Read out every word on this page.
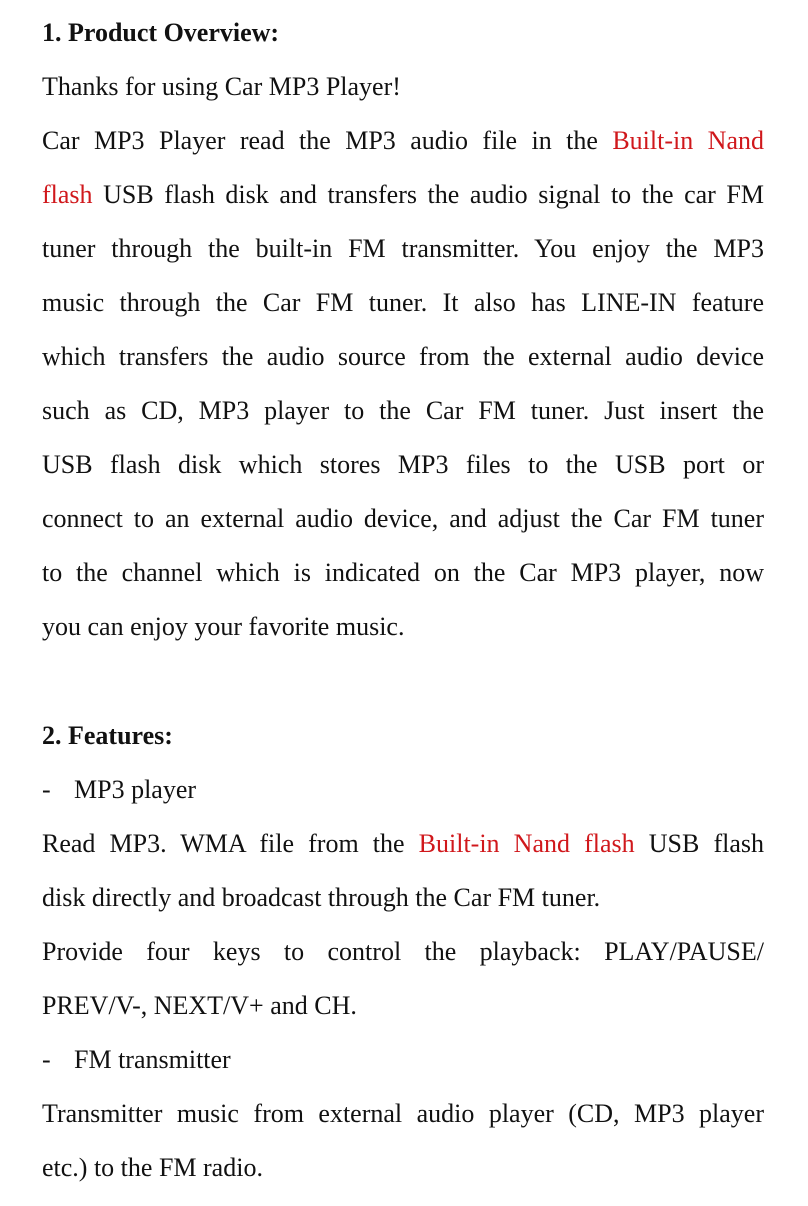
1. Product Overview:
Thanks for using Car MP3 Player!
Car MP3 Player read the MP3 audio file in the Built-in Nand
flash USB flash disk and transfers the audio signal to the car FM
tuner through the built-in FM transmitter. You enjoy the MP3
music through the Car FM tuner. It also has LINE-IN feature
which transfers the audio source from the external audio device
such as CD, MP3 player to the Car FM tuner. Just insert the
USB flash disk which stores MP3 files to the USB port or
connect to an external audio device, and adjust the Car FM tuner
to the channel which is indicated on the Car MP3 player, now
you can enjoy your favorite music.
2. Features:
- MP3 player
Read MP3. WMA file from the Built-in Nand flash USB flash
disk directly and broadcast through the Car FM tuner.
Provide four keys to control the playback: PLAY/PAUSE/
PREV/V-, NEXT/V+ and CH.
- FM transmitter
Transmitter music from external audio player (CD, MP3 player
etc.) to the FM radio.
